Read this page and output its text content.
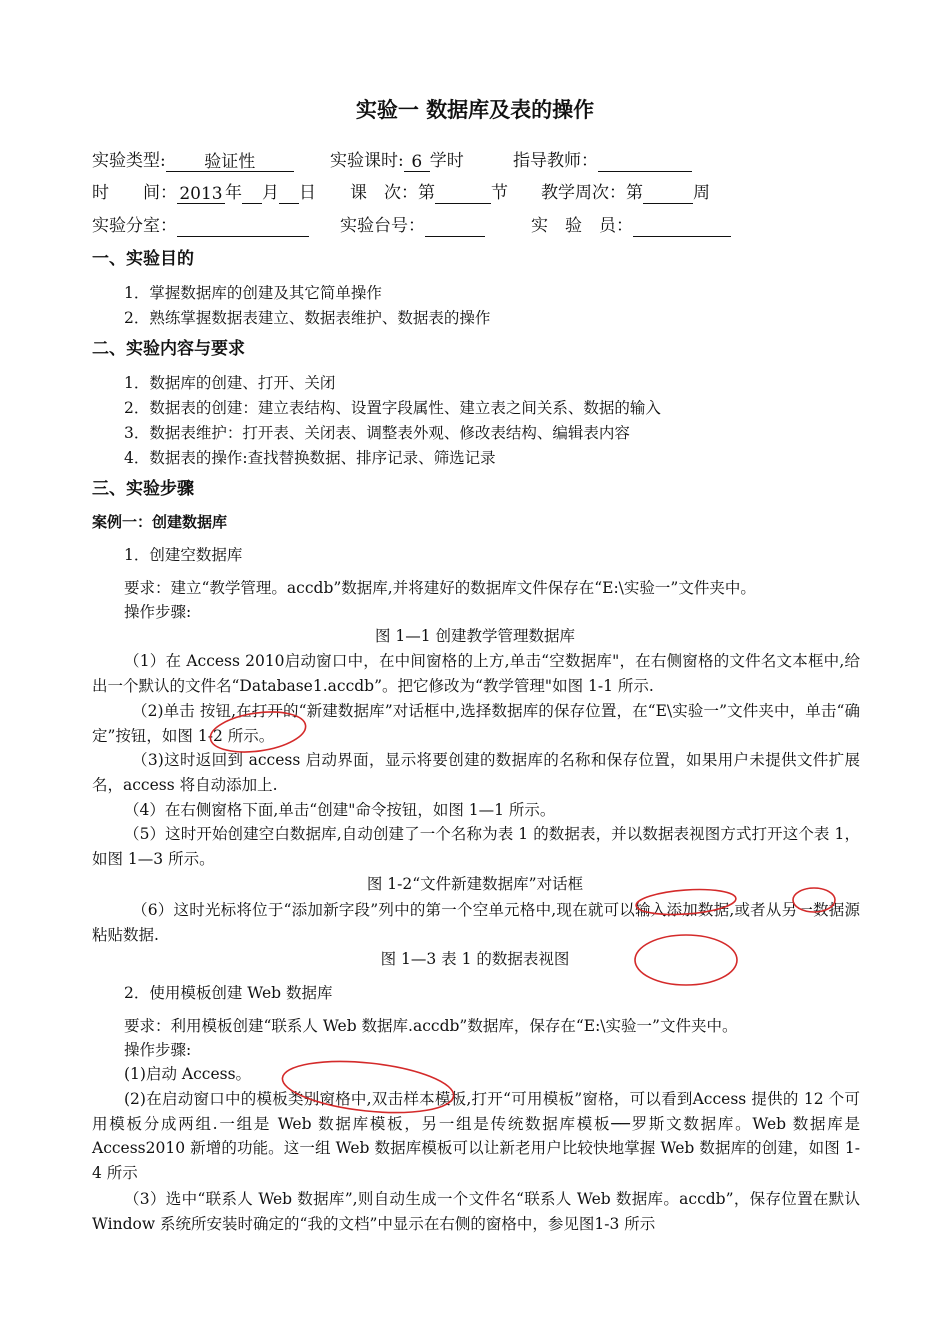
实验一 数据库及表的操作
实验类型: 验证性	实验课时: 6 学时	指导教师：
时　　间： 2013 年 月 日 课　次：第	节 教学周次：第	周
实验分室：	实验台号：	实　验　员：
一、实验目的
1．掌握数据库的创建及其它简单操作
2．熟练掌握数据表建立、数据表维护、数据表的操作
二、实验内容与要求
1．数据库的创建、打开、关闭
2．数据表的创建：建立表结构、设置字段属性、建立表之间关系、数据的输入
3．数据表维护：打开表、关闭表、调整表外观、修改表结构、编辑表内容
4．数据表的操作:查找替换数据、排序记录、筛选记录
三、实验步骤
案例一：创建数据库
1．创建空数据库
要求：建立“教学管理。accdb”数据库,并将建好的数据库文件保存在“E:\实验一”文件夹中。
操作步骤:
图 1—1 创建教学管理数据库
（1）在 Access 2010启动窗口中，在中间窗格的上方,单击“空数据库"，在右侧窗格的文件名文本框中,给出一个默认的文件名“Database1.accdb”。把它修改为“教学管理"如图 1-1 所示.
（2)单击 按钮,在打开的“新建数据库”对话框中,选择数据库的保存位置，在“E\实验一”文件夹中，单击“确定”按钮，如图 1-2 所示。
（3)这时返回到 access 启动界面，显示将要创建的数据库的名称和保存位置，如果用户未提供文件扩展名，access 将自动添加上.
（4）在右侧窗格下面,单击“创建"命令按钮，如图 1—1 所示。
（5）这时开始创建空白数据库,自动创建了一个名称为表 1 的数据表，并以数据表视图方式打开这个表 1，如图 1—3 所示。
图 1-2“文件新建数据库”对话框
（6）这时光标将位于“添加新字段”列中的第一个空单元格中,现在就可以输入添加数据,或者从另一数据源粘贴数据.
图 1—3 表 1 的数据表视图
2．使用模板创建 Web 数据库
要求：利用模板创建“联系人 Web 数据库.accdb”数据库，保存在“E:\实验一”文件夹中。
操作步骤:
(1)启动 Access。
(2)在启动窗口中的模板类别窗格中,双击样本模板,打开“可用模板”窗格，可以看到Access 提供的 12 个可用模板分成两组.一组是 Web 数据库模板，另一组是传统数据库模板──罗斯文数据库。Web 数据库是 Access2010 新增的功能。这一组 Web 数据库模板可以让新老用户比较快地掌握 Web 数据库的创建，如图 1-4 所示
（3）选中“联系人 Web 数据库”,则自动生成一个文件名“联系人 Web 数据库。accdb”，保存位置在默认 Window 系统所安装时确定的“我的文档”中显示在右侧的窗格中，参见图1-3 所示
